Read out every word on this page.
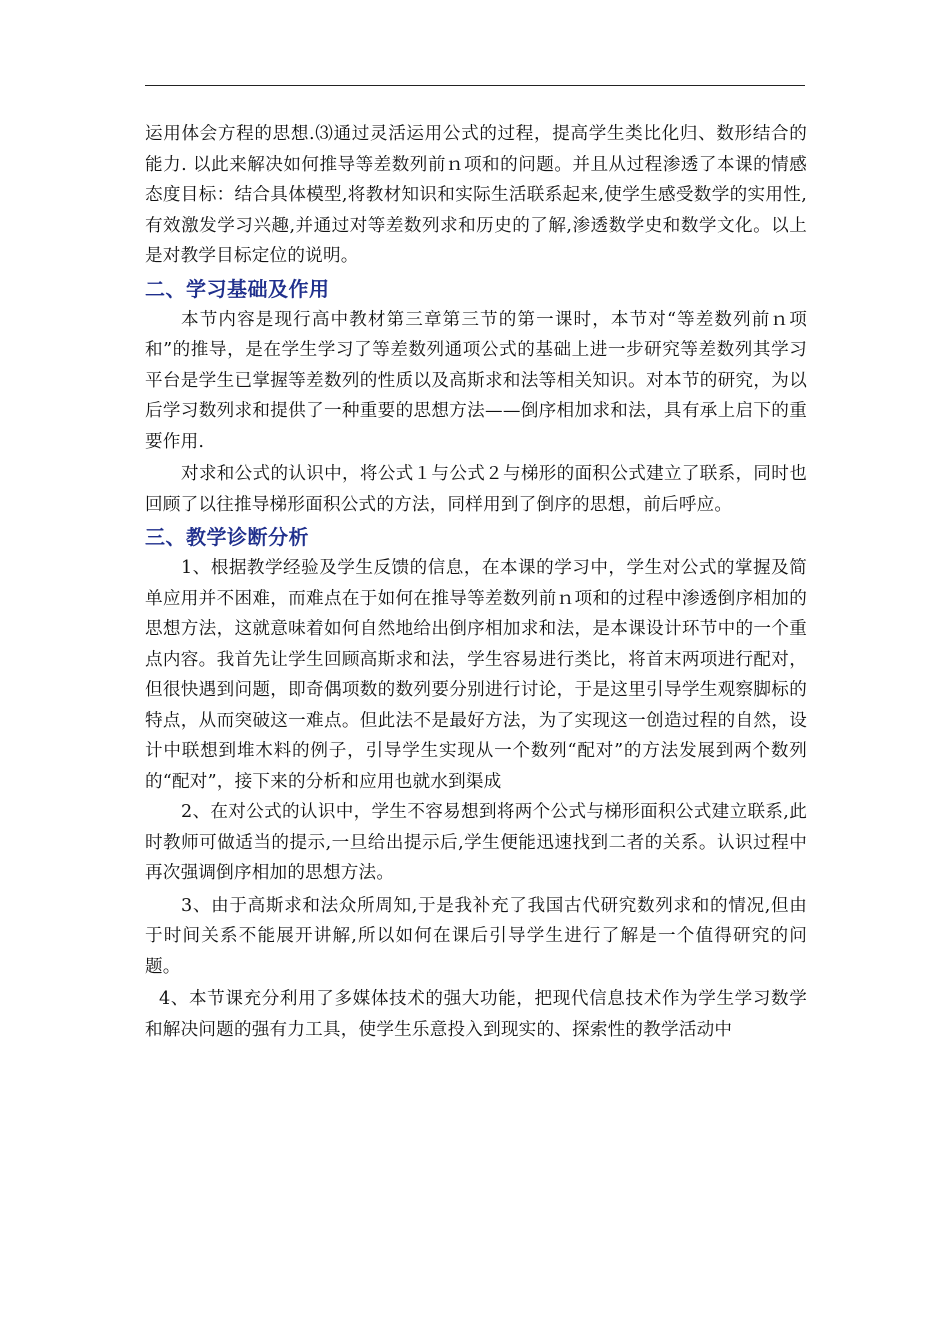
运用体会方程的思想.⑶通过灵活运用公式的过程，提高学生类比化归、数形结合的能力. 以此来解决如何推导等差数列前ｎ项和的问题。并且从过程渗透了本课的情感态度目标：结合具体模型,将教材知识和实际生活联系起来,使学生感受数学的实用性,有效激发学习兴趣,并通过对等差数列求和历史的了解,渗透数学史和数学文化。以上是对教学目标定位的说明。

二、学习基础及作用

本节内容是现行高中教材第三章第三节的第一课时，本节对“等差数列前ｎ项和”的推导，是在学生学习了等差数列通项公式的基础上进一步研究等差数列其学习平台是学生已掌握等差数列的性质以及高斯求和法等相关知识。对本节的研究，为以后学习数列求和提供了一种重要的思想方法——倒序相加求和法，具有承上启下的重要作用.

对求和公式的认识中，将公式１与公式２与梯形的面积公式建立了联系，同时也回顾了以往推导梯形面积公式的方法，同样用到了倒序的思想，前后呼应。

三、教学诊断分析

1、根据教学经验及学生反馈的信息，在本课的学习中，学生对公式的掌握及简单应用并不困难，而难点在于如何在推导等差数列前ｎ项和的过程中渗透倒序相加的思想方法，这就意味着如何自然地给出倒序相加求和法，是本课设计环节中的一个重点内容。我首先让学生回顾高斯求和法，学生容易进行类比，将首末两项进行配对，但很快遇到问题，即奇偶项数的数列要分别进行讨论，于是这里引导学生观察脚标的特点，从而突破这一难点。但此法不是最好方法，为了实现这一创造过程的自然，设计中联想到堆木料的例子，引导学生实现从一个数列“配对”的方法发展到两个数列的“配对”，接下来的分析和应用也就水到渠成

2、在对公式的认识中，学生不容易想到将两个公式与梯形面积公式建立联系,此时教师可做适当的提示,一旦给出提示后,学生便能迅速找到二者的关系。认识过程中再次强调倒序相加的思想方法。

3、由于高斯求和法众所周知,于是我补充了我国古代研究数列求和的情况,但由于时间关系不能展开讲解,所以如何在课后引导学生进行了解是一个值得研究的问题。

4、本节课充分利用了多媒体技术的强大功能，把现代信息技术作为学生学习数学和解决问题的强有力工具，使学生乐意投入到现实的、探索性的教学活动中
